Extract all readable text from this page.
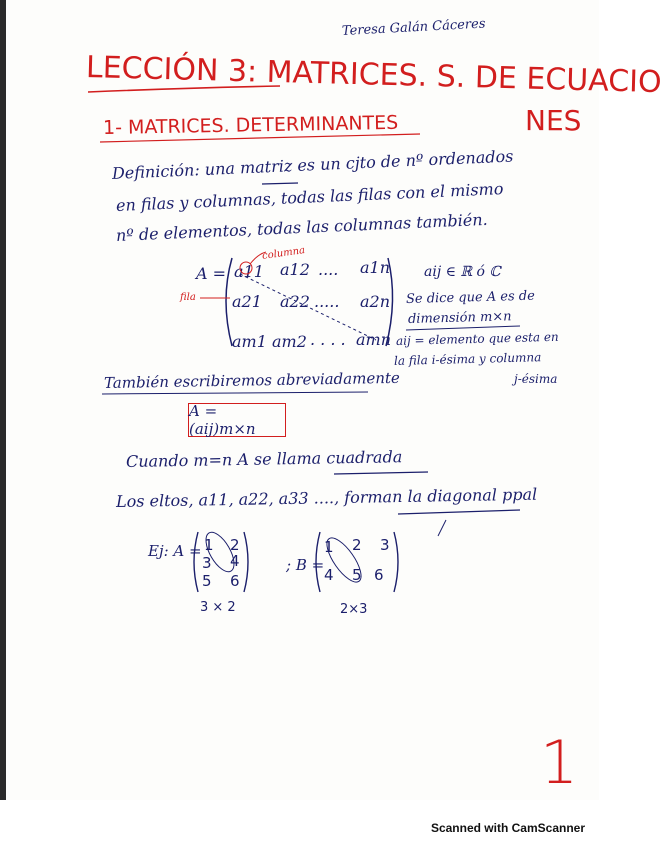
Teresa Galán Cáceres
LECCIÓN 3: MATRICES. S. DE ECUACIO
NES
1- MATRICES. DETERMINANTES
Definición: una matriz es un cjto de nº ordenados
en filas y columnas, todas las filas con el mismo
nº de elementos, todas las columnas también.
A = a11 a12 .... a1n
a21 a22 ..... a2n
am1 am2 . . . . amn
columna
fila
aij ∈ ℝ ó ℂ
Se dice que A es de
dimensión m×n
aij = elemento que esta en
la fila i-ésima y columna
j-ésima
También escribiremos abreviadamente
A = (aij)m×n
Cuando m=n A se llama cuadrada
Los eltos, a11, a22, a33 ...., forman la diagonal ppal
Ej: A = 1 2
3 4
5 6
3 × 2
; B =
1 2 3
4 5 6
2×3
1
Scanned with CamScanner
